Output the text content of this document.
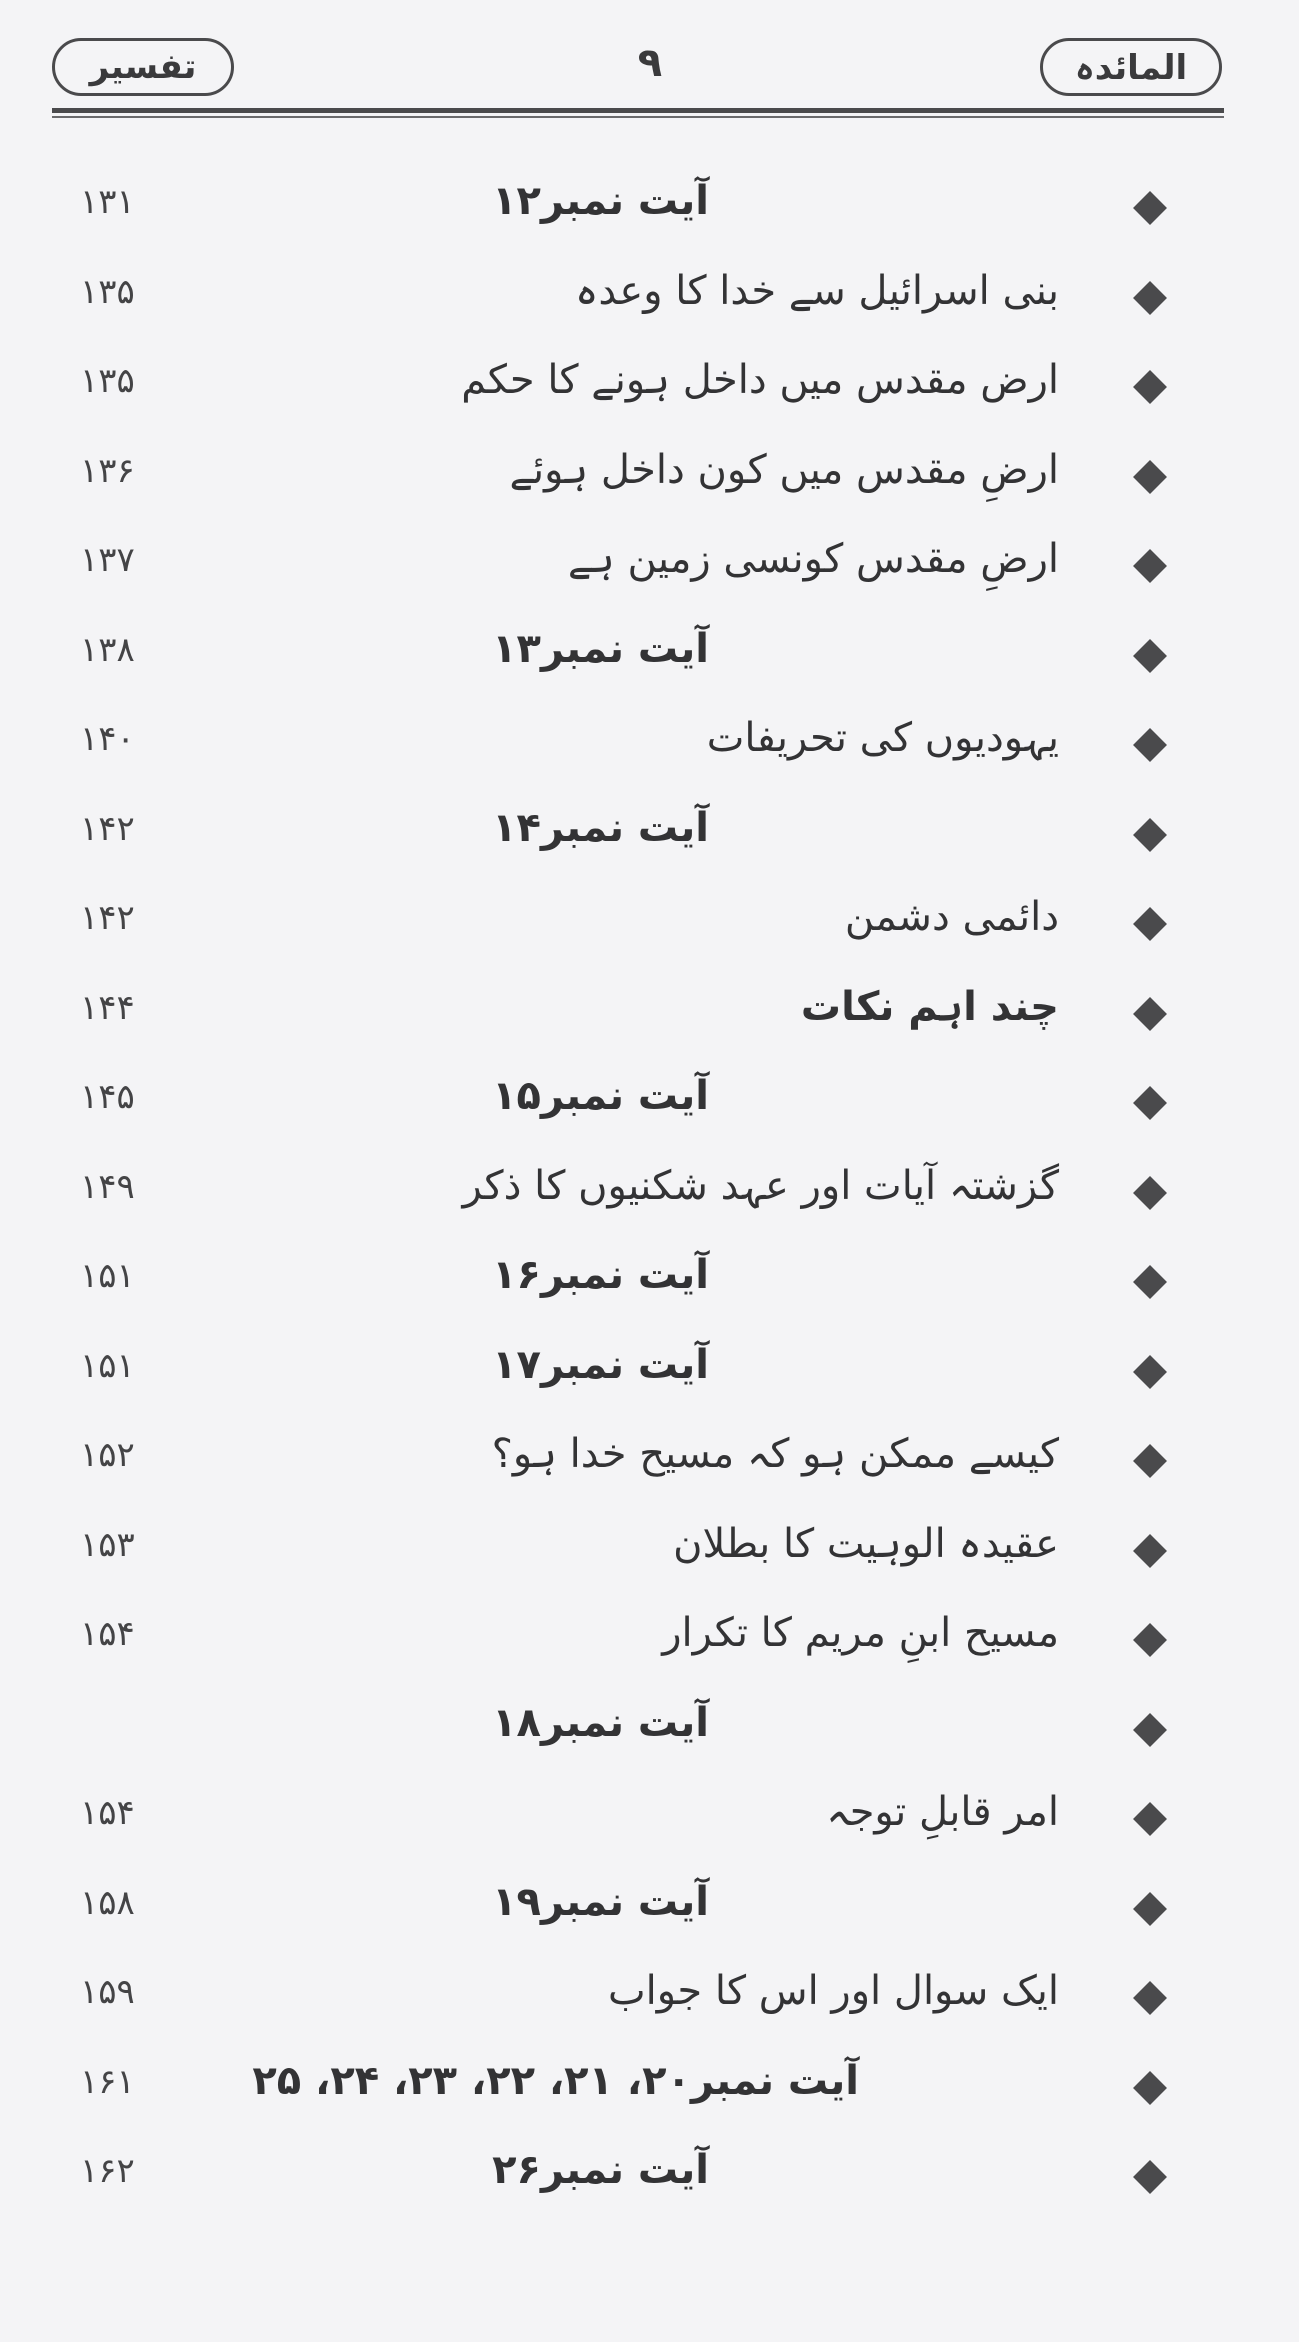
تفسیر	۹	المائدہ
آیت نمبر۱۲
۱۳۱
بنی اسرائیل سے خدا کا وعدہ
۱۳۵
ارض مقدس میں داخل ہونے کا حکم
۱۳۵
ارضِ مقدس میں کون داخل ہوئے
۱۳۶
ارضِ مقدس کونسی زمین ہے
۱۳۷
آیت نمبر۱۳
۱۳۸
یہودیوں کی تحریفات
۱۴۰
آیت نمبر۱۴
۱۴۲
دائمی دشمن
۱۴۲
چند اہم نکات
۱۴۴
آیت نمبر۱۵
۱۴۵
گزشتہ آیات اور عہد شکنیوں کا ذکر
۱۴۹
آیت نمبر۱۶
۱۵۱
آیت نمبر۱۷
۱۵۱
کیسے ممکن ہو کہ مسیح خدا ہو؟
۱۵۲
عقیدہ الوہیت کا بطلان
۱۵۳
مسیح ابنِ مریم کا تکرار
۱۵۴
آیت نمبر۱۸
امر قابلِ توجہ
۱۵۴
آیت نمبر۱۹
۱۵۸
ایک سوال اور اس کا جواب
۱۵۹
آیت نمبر۲۰، ۲۱، ۲۲، ۲۳، ۲۴، ۲۵
۱۶۱
آیت نمبر۲۶
۱۶۲
